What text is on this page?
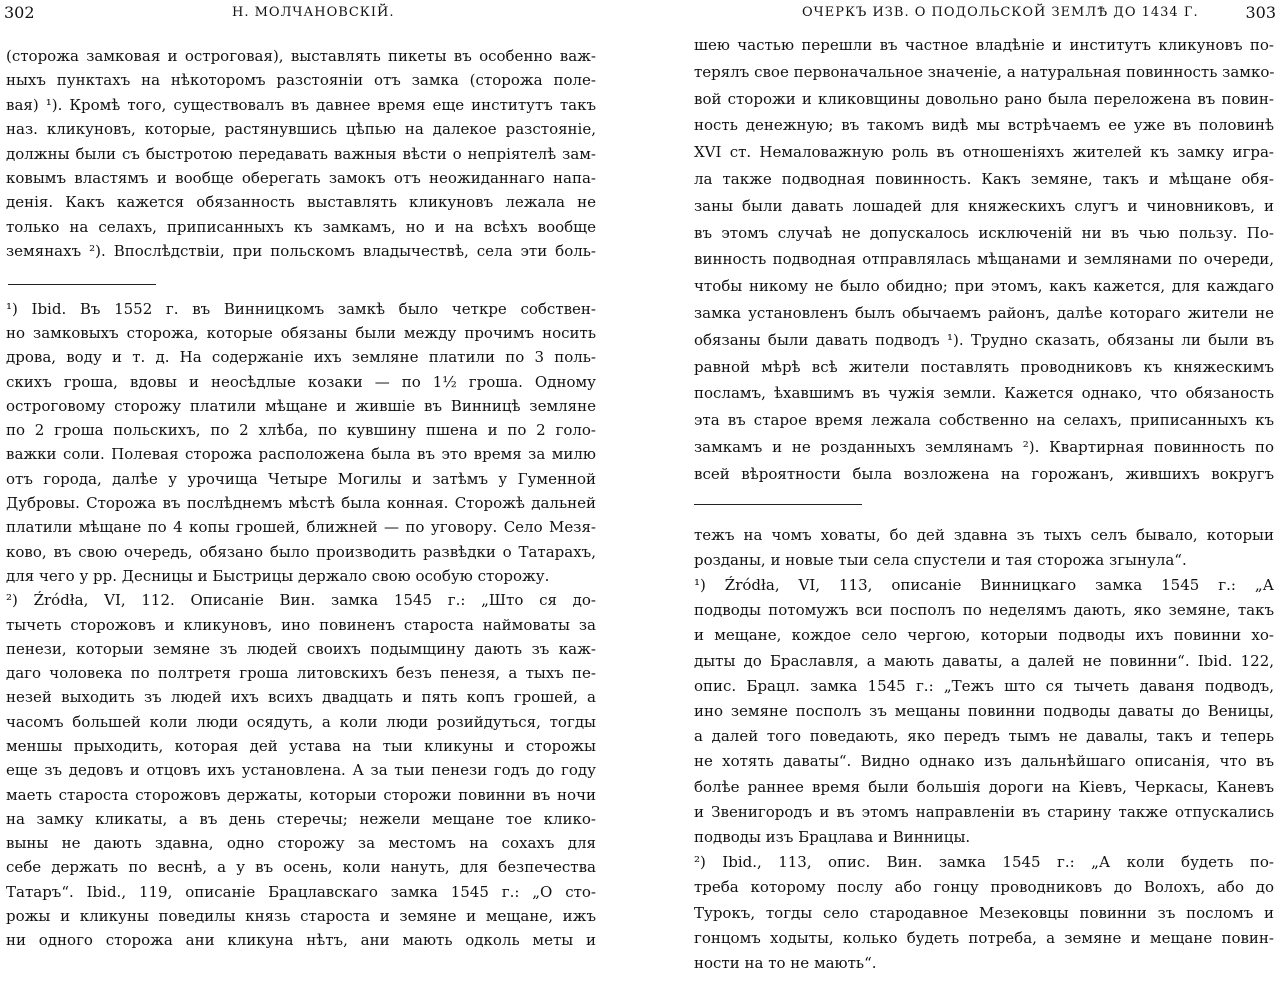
302	Н. МОЛЧАНОВСКІЙ.
(сторожа замковая и остроговая), выставлять пикеты въ особенно важ-
ныхъ пунктахъ на нѣкоторомъ разстояніи отъ замка (сторожа поле-
вая) ¹). Кромѣ того, существовалъ въ давнее время еще институтъ такъ
наз. кликуновъ, которые, растянувшись цѣпью на далекое разстояніе,
должны были съ быстротою передавать важныя вѣсти о непріятелѣ зам-
ковымъ властямъ и вообще оберегать замокъ отъ неожиданнаго напа-
денія. Какъ кажется обязанность выставлять кликуновъ лежала не
только на селахъ, приписанныхъ къ замкамъ, но и на всѣхъ вообще
земянахъ ²). Впослѣдствіи, при польскомъ владычествѣ, села эти боль-
¹) Ibid. Въ 1552 г. въ Винницкомъ замкѣ было четкре собствен-
но замковыхъ сторожа, которые обязаны были между прочимъ носить
дрова, воду и т. д. На содержаніе ихъ земляне платили по 3 поль-
скихъ гроша, вдовы и неосѣдлые козаки — по 1½ гроша. Одному
остроговому сторожу платили мѣщане и жившіе въ Винницѣ земляне
по 2 гроша польскихъ, по 2 хлѣба, по кувшину пшена и по 2 голо-
важки соли. Полевая сторожа расположена была въ это время за милю
отъ города, далѣе у урочища Четыре Могилы и затѣмъ у Гуменной
Дубровы. Сторожа въ послѣднемъ мѣстѣ была конная. Сторожѣ дальней
платили мѣщане по 4 копы грошей, ближней — по уговору. Село Мезя-
ково, въ свою очередь, обязано было производить развѣдки о Татарахъ,
для чего у рр. Десницы и Быстрицы держало свою особую сторожу.
²) Źródła, VI, 112. Описаніе Вин. замка 1545 г.: „Што ся до-
тычеть сторожовъ и кликуновъ, ино повиненъ староста наймоваты за
пенези, которыи земяне зъ людей своихъ подымщину дають зъ каж-
даго чоловека по полтретя гроша литовскихъ безъ пенезя, а тыхъ пе-
незей выходить зъ людей ихъ всихъ двадцать и пять копъ грошей, а
часомъ большей коли люди осядуть, а коли люди розийдуться, тогды
меншы прыходить, которая дей устава на тыи кликуны и сторожы
еще зъ дедовъ и отцовъ ихъ установлена. А за тыи пенези годъ до году
маеть староста сторожовъ держаты, которыи сторожи повинни въ ночи
на замку кликаты, а въ день стеречы; нежели мещане тое клико-
выны не дають здавна, одно сторожу за местомъ на сохахъ для
себе держать по веснѣ, а у въ осень, коли нануть, для безпечества
Татаръ“. Ibid., 119, описаніе Брацлавскаго замка 1545 г.: „О сто-
рожы и кликуны поведилы князь староста и земяне и мещане, ижъ
ни одного сторожа ани кликуна нѣтъ, ани мають одколь меты и
ОЧЕРКЪ ИЗВ. О ПОДОЛЬСКОЙ ЗЕМЛѢ ДО 1434 Г.	303
шею частью перешли въ частное владѣніе и институтъ кликуновъ по-
терялъ свое первоначальное значеніе, а натуральная повинность замко-
вой сторожи и кликовщины довольно рано была переложена въ повин-
ность денежную; въ такомъ видѣ мы встрѣчаемъ ее уже въ половинѣ
XVI ст. Немаловажную роль въ отношеніяхъ жителей къ замку игра-
ла также подводная повинность. Какъ земяне, такъ и мѣщане обя-
заны были давать лошадей для княжескихъ слугъ и чиновниковъ, и
въ этомъ случаѣ не допускалось исключеній ни въ чью пользу. По-
винность подводная отправлялась мѣщанами и землянами по очереди,
чтобы никому не было обидно; при этомъ, какъ кажется, для каждаго
замка установленъ былъ обычаемъ районъ, далѣе котораго жители не
обязаны были давать подводъ ¹). Трудно сказать, обязаны ли были въ
равной мѣрѣ всѣ жители поставлять проводниковъ къ княжескимъ
посламъ, ѣхавшимъ въ чужія земли. Кажется однако, что обязаность
эта въ старое время лежала собственно на селахъ, приписанныхъ къ
замкамъ и не розданныхъ землянамъ ²). Квартирная повинность по
всей вѣроятности была возложена на горожанъ, жившихъ вокругъ
тежъ на чомъ ховаты, бо дей здавна зъ тыхъ селъ бывало, которыи
розданы, и новые тыи села спустели и тая сторожа згынула“.
¹) Źródła, VI, 113, описаніе Винницкаго замка 1545 г.: „А
подводы потомужъ вси посполъ по неделямъ дають, яко земяне, такъ
и мещане, кождое село чергою, которыи подводы ихъ повинни хо-
дыты до Браславля, а мають даваты, а далей не повинни“. Ibid. 122,
опис. Брацл. замка 1545 г.: „Тежъ што ся тычеть даваня подводъ,
ино земяне посполъ зъ мещаны повинни подводы даваты до Веницы,
а далей того поведають, яко передъ тымъ не давалы, такъ и теперь
не хотять даваты“. Видно однако изъ дальнѣйшаго описанія, что въ
болѣе раннее время были большія дороги на Кіевъ, Черкасы, Каневъ
и Звенигородъ и въ этомъ направленіи въ старину также отпускались
подводы изъ Брацлава и Винницы.
²) Ibid., 113, опис. Вин. замка 1545 г.: „А коли будеть по-
треба которому послу або гонцу проводниковъ до Волохъ, або до
Турокъ, тогды село стародавное Мезековцы повинни зъ посломъ и
гонцомъ ходыты, колько будеть потреба, а земяне и мещане повин-
ности на то не мають“.
